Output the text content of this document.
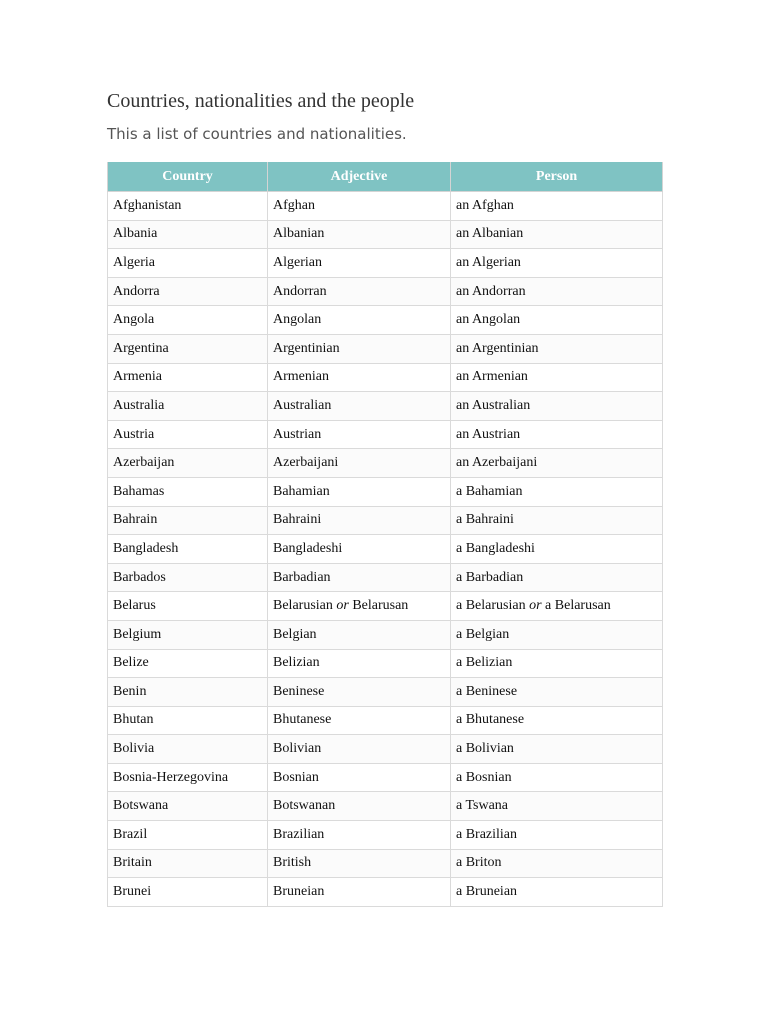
Countries, nationalities and the people

This a list of countries and nationalities.

Country	Adjective	Person
Afghanistan	Afghan	an Afghan
Albania	Albanian	an Albanian
Algeria	Algerian	an Algerian
Andorra	Andorran	an Andorran
Angola	Angolan	an Angolan
Argentina	Argentinian	an Argentinian
Armenia	Armenian	an Armenian
Australia	Australian	an Australian
Austria	Austrian	an Austrian
Azerbaijan	Azerbaijani	an Azerbaijani
Bahamas	Bahamian	a Bahamian
Bahrain	Bahraini	a Bahraini
Bangladesh	Bangladeshi	a Bangladeshi
Barbados	Barbadian	a Barbadian
Belarus	Belarusian or Belarusan	a Belarusian or a Belarusan
Belgium	Belgian	a Belgian
Belize	Belizian	a Belizian
Benin	Beninese	a Beninese
Bhutan	Bhutanese	a Bhutanese
Bolivia	Bolivian	a Bolivian
Bosnia-Herzegovina	Bosnian	a Bosnian
Botswana	Botswanan	a Tswana
Brazil	Brazilian	a Brazilian
Britain	British	a Briton
Brunei	Bruneian	a Bruneian
